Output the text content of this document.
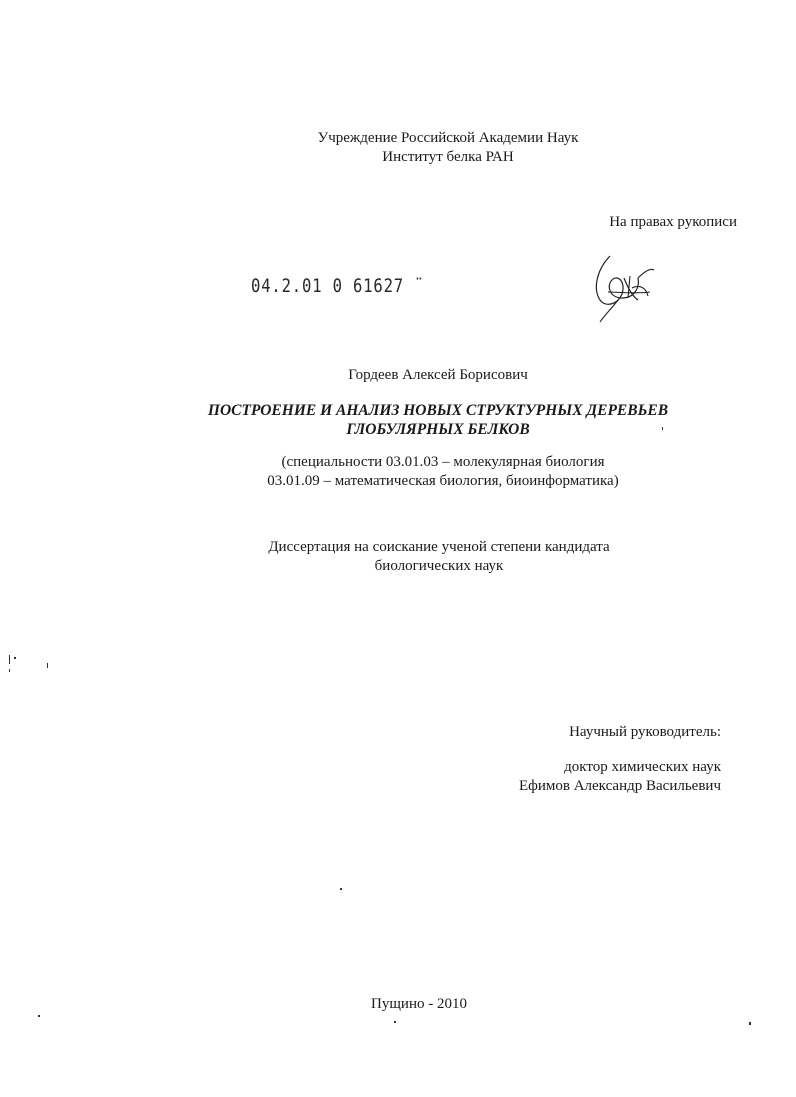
Учреждение Российской Академии Наук
Институт белка РАН
На правах рукописи
04.2.01 0 61627 ¨
Гордеев Алексей Борисович
ПОСТРОЕНИЕ И АНАЛИЗ НОВЫХ СТРУКТУРНЫХ ДЕРЕВЬЕВ
ГЛОБУЛЯРНЫХ БЕЛКОВ
(специальности 03.01.03 – молекулярная биология
03.01.09 – математическая биология, биоинформатика)
Диссертация на соискание ученой степени кандидата
биологических наук
Научный руководитель:
доктор химических наук
Ефимов Александр Васильевич
Пущино - 2010
